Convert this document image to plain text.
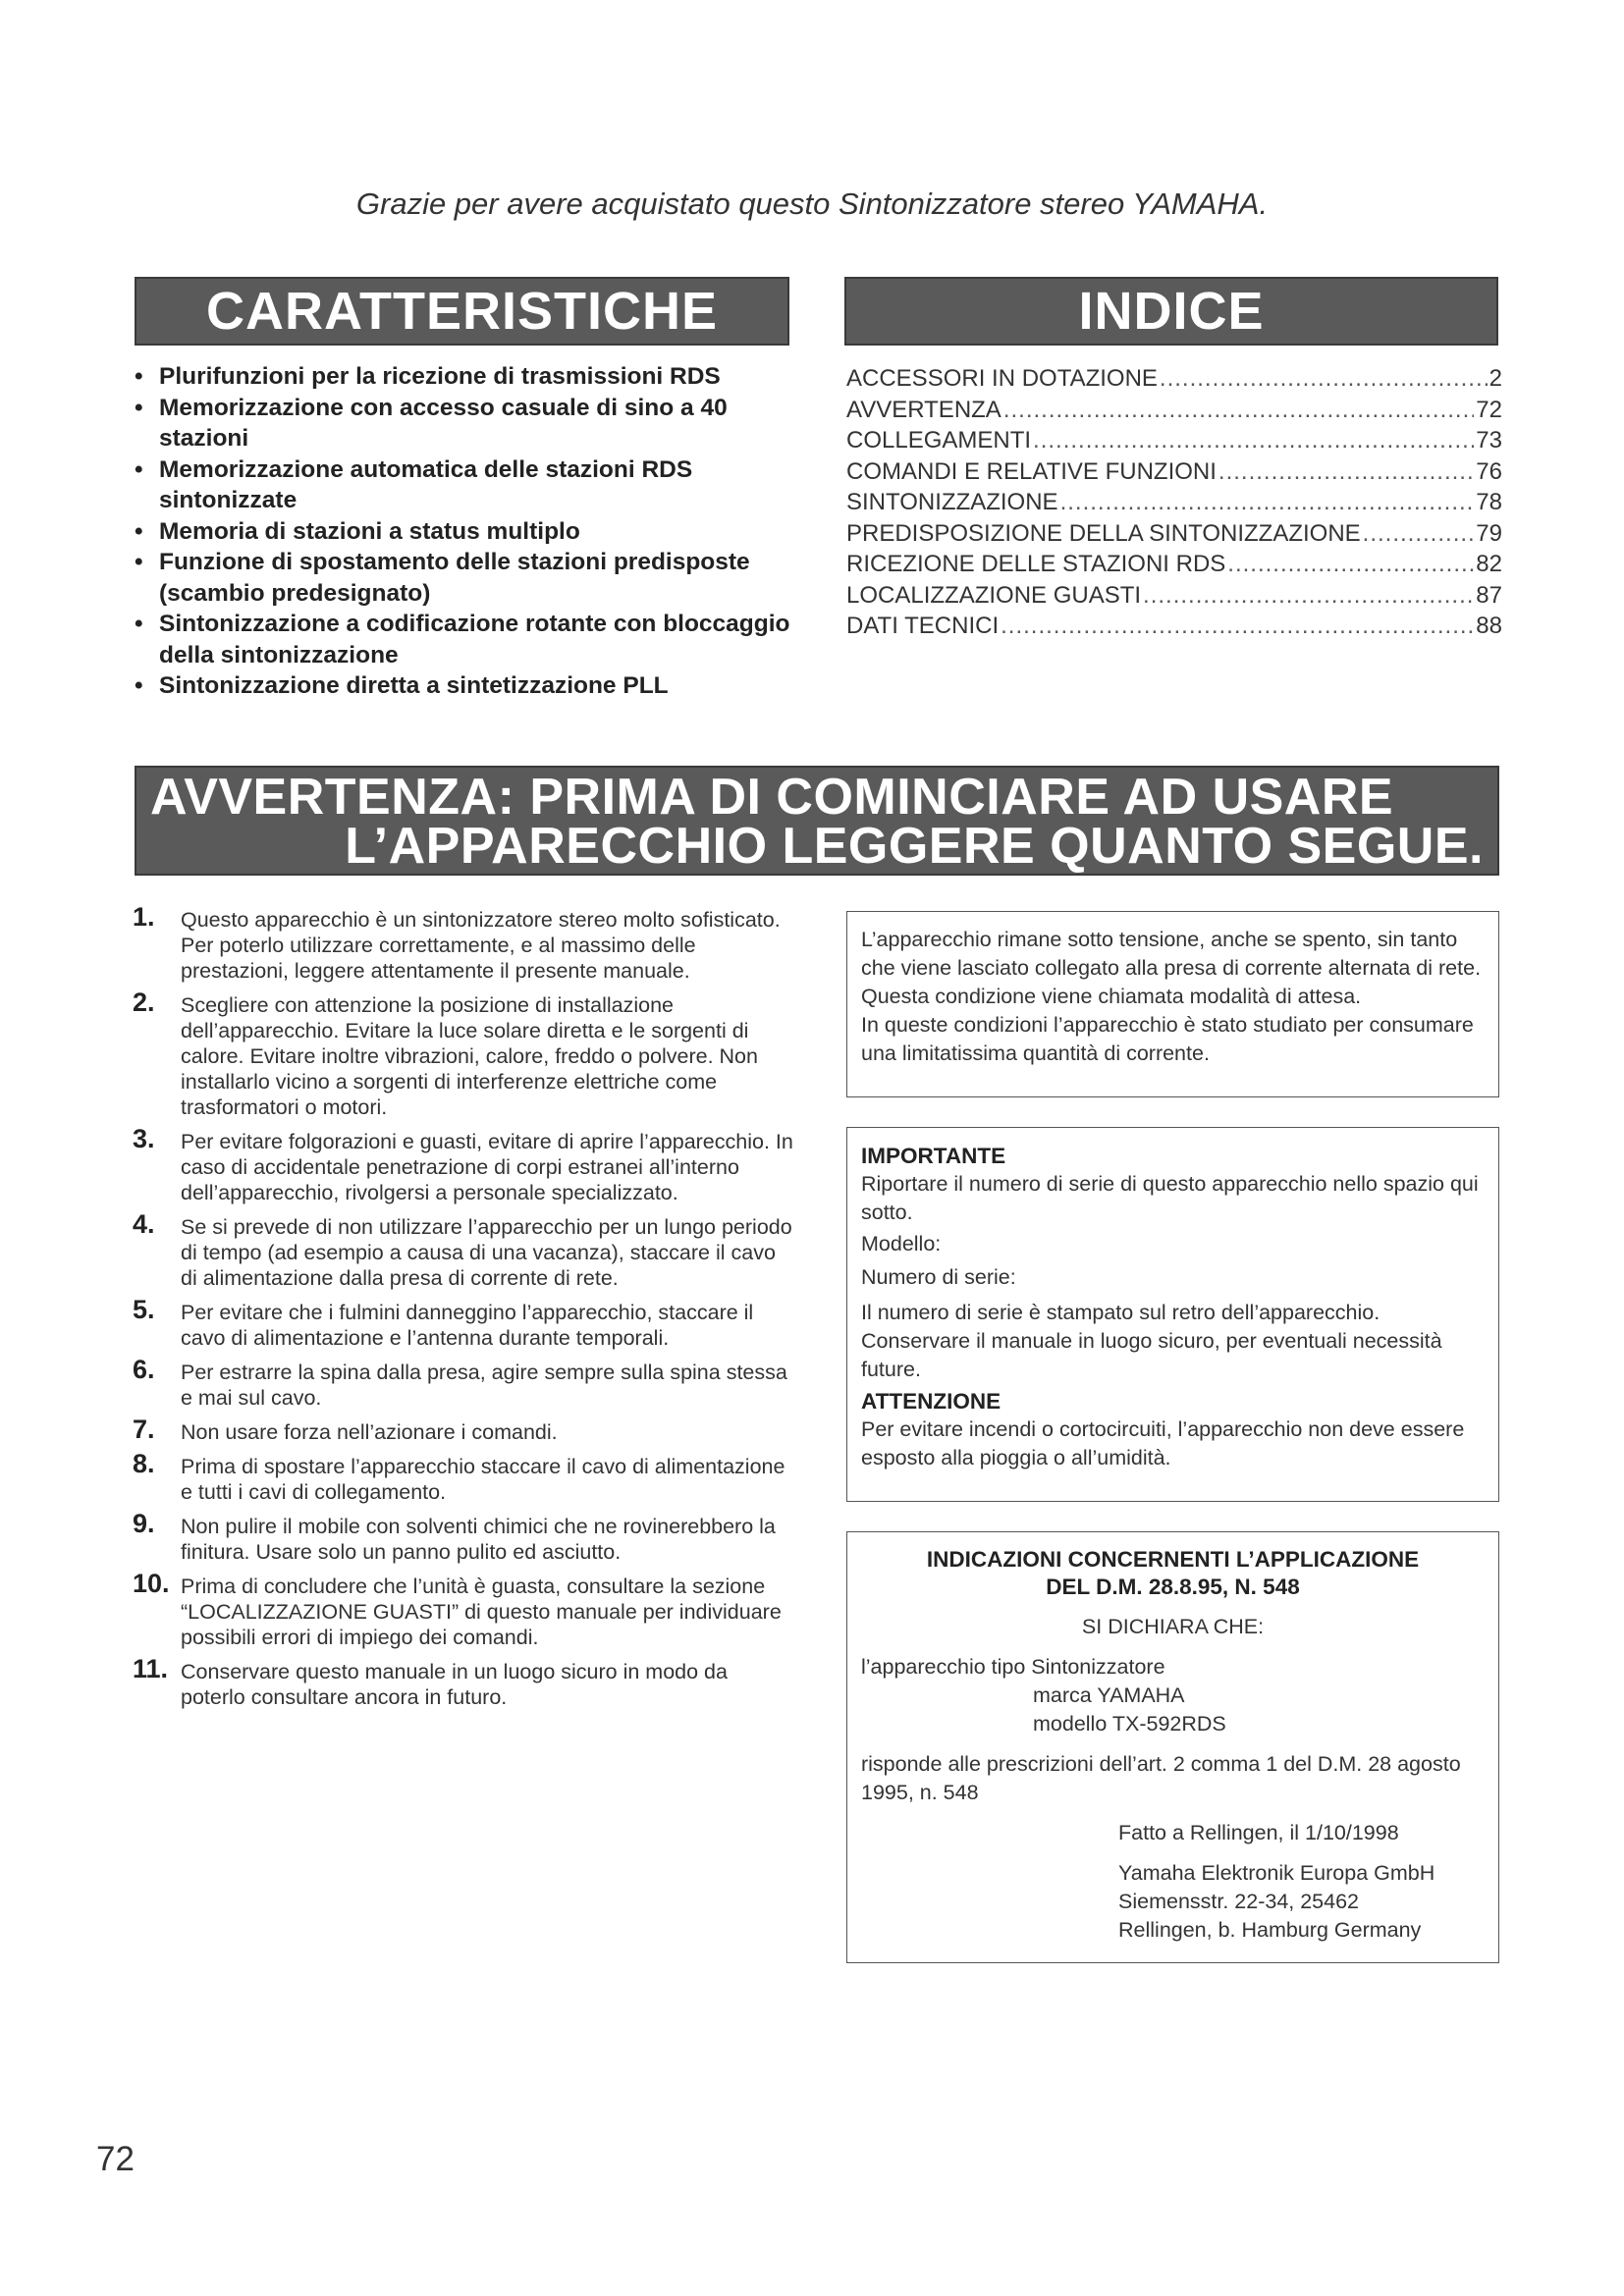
Grazie per avere acquistato questo Sintonizzatore stereo YAMAHA.
CARATTERISTICHE	INDICE
• Plurifunzioni per la ricezione di trasmissioni RDS
• Memorizzazione con accesso casuale di sino a 40 stazioni
• Memorizzazione automatica delle stazioni RDS sintonizzate
• Memoria di stazioni a status multiplo
• Funzione di spostamento delle stazioni predisposte (scambio predesignato)
• Sintonizzazione a codificazione rotante con bloccaggio della sintonizzazione
• Sintonizzazione diretta a sintetizzazione PLL
ACCESSORI IN DOTAZIONE .....	2
AVVERTENZA .....	72
COLLEGAMENTI .....	73
COMANDI E RELATIVE FUNZIONI .....	76
SINTONIZZAZIONE .....	78
PREDISPOSIZIONE DELLA SINTONIZZAZIONE .....	79
RICEZIONE DELLE STAZIONI RDS .....	82
LOCALIZZAZIONE GUASTI .....	87
DATI TECNICI .....	88
AVVERTENZA: PRIMA DI COMINCIARE AD USARE
L’APPARECCHIO LEGGERE QUANTO SEGUE.
1. Questo apparecchio è un sintonizzatore stereo molto sofisticato. Per poterlo utilizzare correttamente, e al massimo delle prestazioni, leggere attentamente il presente manuale.
2. Scegliere con attenzione la posizione di installazione dell’apparecchio. Evitare la luce solare diretta e le sorgenti di calore. Evitare inoltre vibrazioni, calore, freddo o polvere. Non installarlo vicino a sorgenti di interferenze elettriche come trasformatori o motori.
3. Per evitare folgorazioni e guasti, evitare di aprire l’apparecchio. In caso di accidentale penetrazione di corpi estranei all’interno dell’apparecchio, rivolgersi a personale specializzato.
4. Se si prevede di non utilizzare l’apparecchio per un lungo periodo di tempo (ad esempio a causa di una vacanza), staccare il cavo di alimentazione dalla presa di corrente di rete.
5. Per evitare che i fulmini danneggino l’apparecchio, staccare il cavo di alimentazione e l’antenna durante temporali.
6. Per estrarre la spina dalla presa, agire sempre sulla spina stessa e mai sul cavo.
7. Non usare forza nell’azionare i comandi.
8. Prima di spostare l’apparecchio staccare il cavo di alimentazione e tutti i cavi di collegamento.
9. Non pulire il mobile con solventi chimici che ne rovinerebbero la finitura. Usare solo un panno pulito ed asciutto.
10. Prima di concludere che l’unità è guasta, consultare la sezione “LOCALIZZAZIONE GUASTI” di questo manuale per individuare possibili errori di impiego dei comandi.
11. Conservare questo manuale in un luogo sicuro in modo da poterlo consultare ancora in futuro.
L’apparecchio rimane sotto tensione, anche se spento, sin tanto che viene lasciato collegato alla presa di corrente alternata di rete. Questa condizione viene chiamata modalità di attesa.
In queste condizioni l’apparecchio è stato studiato per consumare una limitatissima quantità di corrente.
IMPORTANTE

Riportare il numero di serie di questo apparecchio nello spazio qui sotto.

Modello:

Numero di serie:

Il numero di serie è stampato sul retro dell’apparecchio. Conservare il manuale in luogo sicuro, per eventuali necessità future.

ATTENZIONE

Per evitare incendi o cortocircuiti, l’apparecchio non deve essere esposto alla pioggia o all’umidità.

INDICAZIONI CONCERNENTI L’APPLICAZIONE
DEL D.M. 28.8.95, N. 548

SI DICHIARA CHE:

l’apparecchio tipo Sintonizzatore

marca YAMAHA

modello TX-592RDS

risponde alle prescrizioni dell’art. 2 comma 1 del D.M. 28 agosto 1995, n. 548

Fatto a Rellingen, il 1/10/1998

Yamaha Elektronik Europa GmbH

Siemensstr. 22-34, 25462

Rellingen, b. Hamburg Germany

72
